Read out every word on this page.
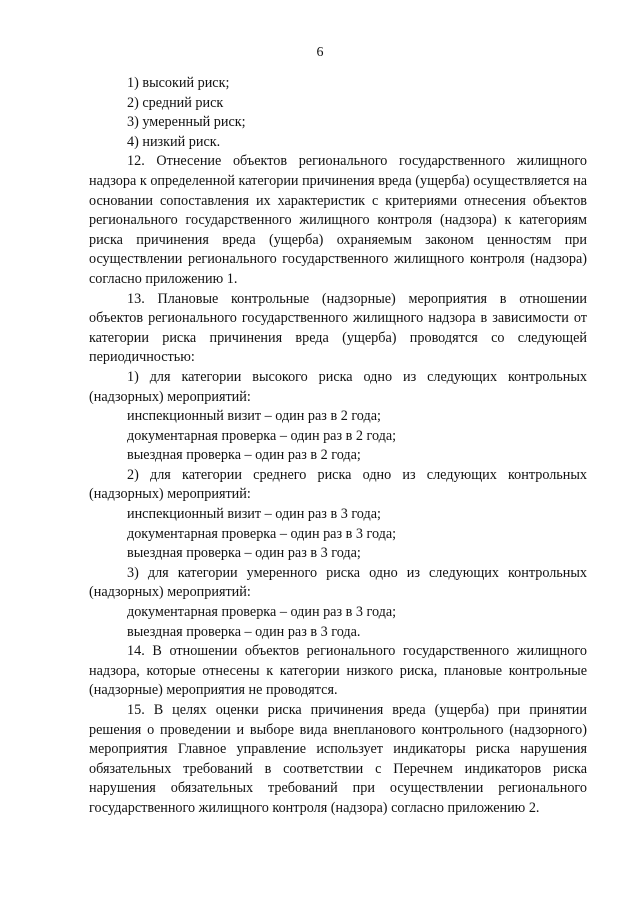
6

1) высокий риск;

2) средний риск

3) умеренный риск;

4) низкий риск.

12. Отнесение объектов регионального государственного жилищного надзора к определенной категории причинения вреда (ущерба) осуществляется на основании сопоставления их характеристик с критериями отнесения объектов регионального государственного жилищного контроля (надзора) к категориям риска причинения вреда (ущерба) охраняемым законом ценностям при осуществлении регионального государственного жилищного контроля (надзора) согласно приложению 1.

13. Плановые контрольные (надзорные) мероприятия в отношении объектов регионального государственного жилищного надзора в зависимости от категории риска причинения вреда (ущерба) проводятся со следующей периодичностью:

1) для категории высокого риска одно из следующих контрольных (надзорных) мероприятий:

инспекционный визит – один раз в 2 года;

документарная проверка – один раз в 2 года;

выездная проверка – один раз в 2 года;

2) для категории среднего риска одно из следующих контрольных (надзорных) мероприятий:

инспекционный визит – один раз в 3 года;

документарная проверка – один раз в 3 года;

выездная проверка – один раз в 3 года;

3) для категории умеренного риска одно из следующих контрольных (надзорных) мероприятий:

документарная проверка – один раз в 3 года;

выездная проверка – один раз в 3 года.

14. В отношении объектов регионального государственного жилищного надзора, которые отнесены к категории низкого риска, плановые контрольные (надзорные) мероприятия не проводятся.

15. В целях оценки риска причинения вреда (ущерба) при принятии решения о проведении и выборе вида внепланового контрольного (надзорного) мероприятия Главное управление использует индикаторы риска нарушения обязательных требований в соответствии с Перечнем индикаторов риска нарушения обязательных требований при осуществлении регионального государственного жилищного контроля (надзора) согласно приложению 2.
